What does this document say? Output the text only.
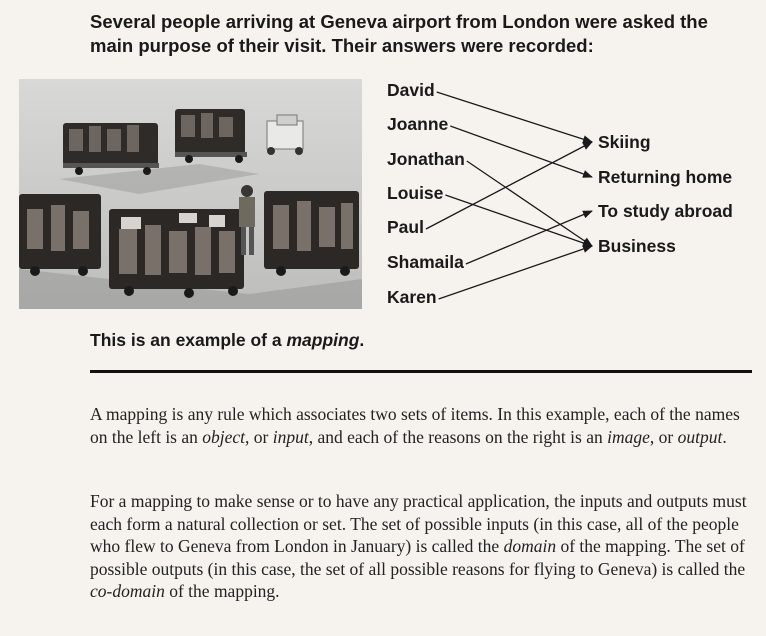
Several people arriving at Geneva airport from London were asked the main purpose of their visit. Their answers were recorded:
David
Joanne
Jonathan
Louise
Paul
Shamaila
Karen
Skiing
Returning home
To study abroad
Business
This is an example of a mapping.
A mapping is any rule which associates two sets of items. In this example, each of the names on the left is an object, or input, and each of the reasons on the right is an image, or output.
For a mapping to make sense or to have any practical application, the inputs and outputs must each form a natural collection or set. The set of possible inputs (in this case, all of the people who flew to Geneva from London in January) is called the domain of the mapping. The set of possible outputs (in this case, the set of all possible reasons for flying to Geneva) is called the co-domain of the mapping.
